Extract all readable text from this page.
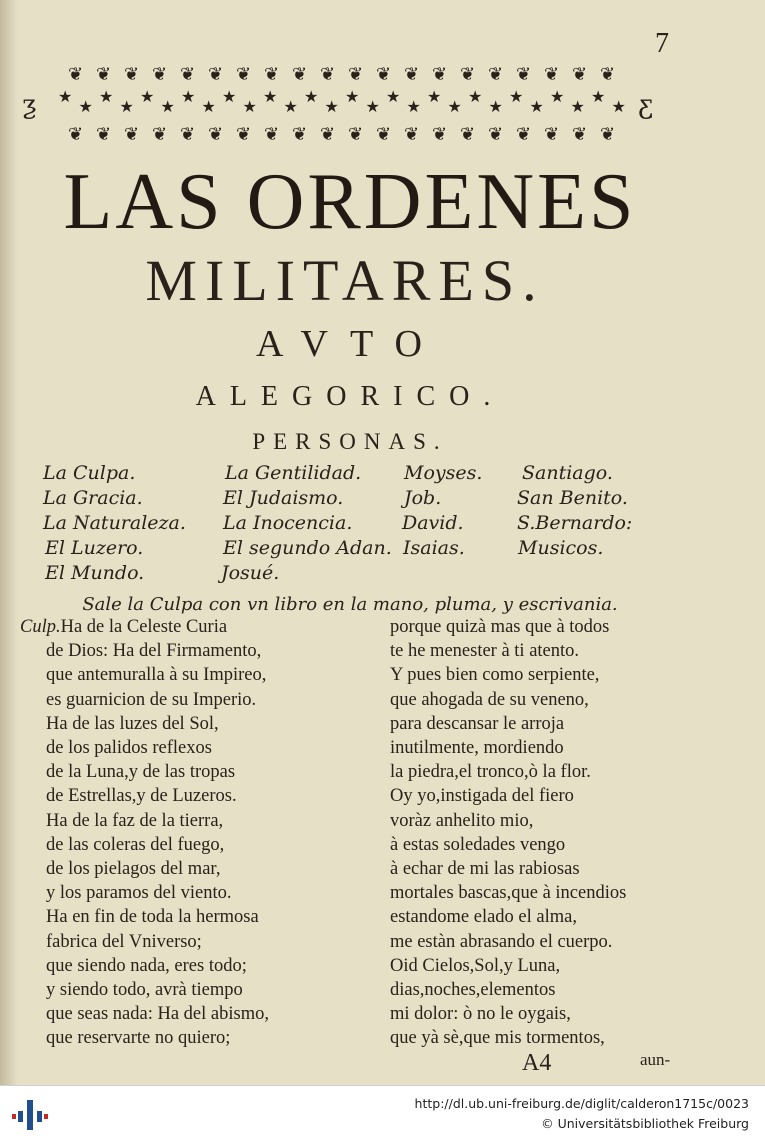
7
❦ ❦ ❦ ❦ ❦ ❦ ❦ ❦ ❦ ❦ ❦ ❦ ❦ ❦ ❦ ❦ ❦ ❦ ❦ ❦
★
★
★
★
★
★
★
★
★
★
★
★
★
★
★
★
★
★
★
★
★
★
★
★
★
★
★
★
❦ ❦ ❦ ❦ ❦ ❦ ❦ ❦ ❦ ❦ ❦ ❦ ❦ ❦ ❦ ❦ ❦ ❦ ❦ ❦
ƺ	ƹ
LAS ORDENES
MILITARES.
AVTO
ALEGORICO.
PERSONAS.
La Culpa.	La Gentilidad. Moyses. Santiago.
La Gracia.	El Judaismo.	Job.	San Benito.
La Naturaleza. La Inocencia.	David.	S.Bernardo:
El Luzero.	El segundo Adan. Isaias.	Musicos.
El Mundo.	Josué.
Sale la Culpa con vn libro en la mano, pluma, y escrivania.
A4	aun-
Culp.Ha de la Celeste Curia
de Dios: Ha del Firmamento,
que antemuralla à su Impireo,
es guarnicion de su Imperio.
Ha de las luzes del Sol,
de los palidos reflexos
de la Luna,y de las tropas
de Estrellas,y de Luzeros.
Ha de la faz de la tierra,
de las coleras del fuego,
de los pielagos del mar,
y los paramos del viento.
Ha en fin de toda la hermosa
fabrica del Vniverso;
que siendo nada, eres todo;
y siendo todo, avrà tiempo
que seas nada: Ha del abismo,
que reservarte no quiero;
porque quizà mas que à todos
te he menester à ti atento.
Y pues bien como serpiente,
que ahogada de su veneno,
para descansar le arroja
inutilmente, mordiendo
la piedra,el tronco,ò la flor.
Oy yo,instigada del fiero
voràz anhelito mio,
à estas soledades vengo
à echar de mi las rabiosas
mortales bascas,que à incendios
estandome elado el alma,
me estàn abrasando el cuerpo.
Oid Cielos,Sol,y Luna,
dias,noches,elementos
mi dolor: ò no le oygais,
que yà sè,que mis tormentos,
http://dl.ub.uni-freiburg.de/diglit/calderon1715c/0023
© Universitätsbibliothek Freiburg
